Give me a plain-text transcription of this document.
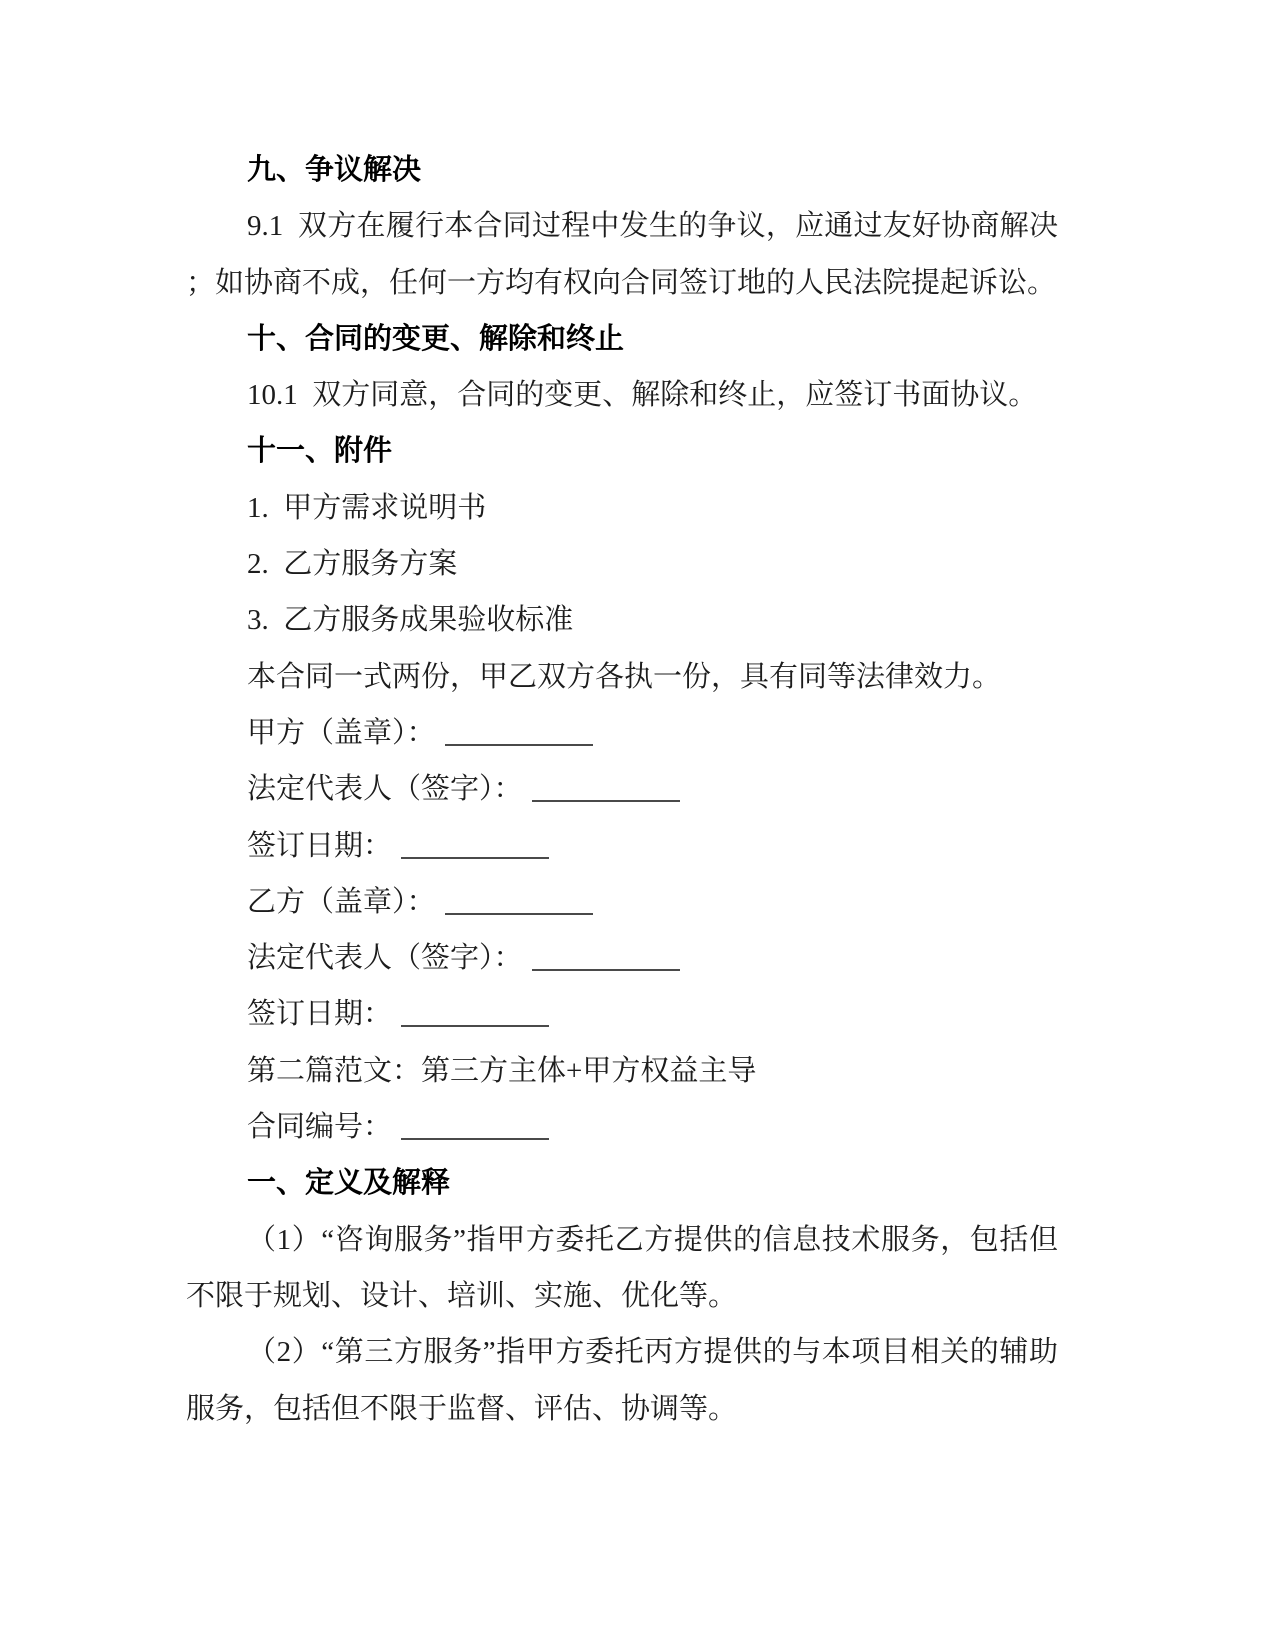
九、争议解决
9.1 双方在履行本合同过程中发生的争议，应通过友好协商解决
；如协商不成，任何一方均有权向合同签订地的人民法院提起诉讼。
十、合同的变更、解除和终止
10.1 双方同意，合同的变更、解除和终止，应签订书面协议。
十一、附件
1. 甲方需求说明书
2. 乙方服务方案
3. 乙方服务成果验收标准
本合同一式两份，甲乙双方各执一份，具有同等法律效力。
甲方（盖章）：
法定代表人（签字）：
签订日期：
乙方（盖章）：
法定代表人（签字）：
签订日期：
第二篇范文：第三方主体+甲方权益主导
合同编号：
一、定义及解释
（1）“咨询服务”指甲方委托乙方提供的信息技术服务，包括但
不限于规划、设计、培训、实施、优化等。
（2）“第三方服务”指甲方委托丙方提供的与本项目相关的辅助
服务，包括但不限于监督、评估、协调等。
